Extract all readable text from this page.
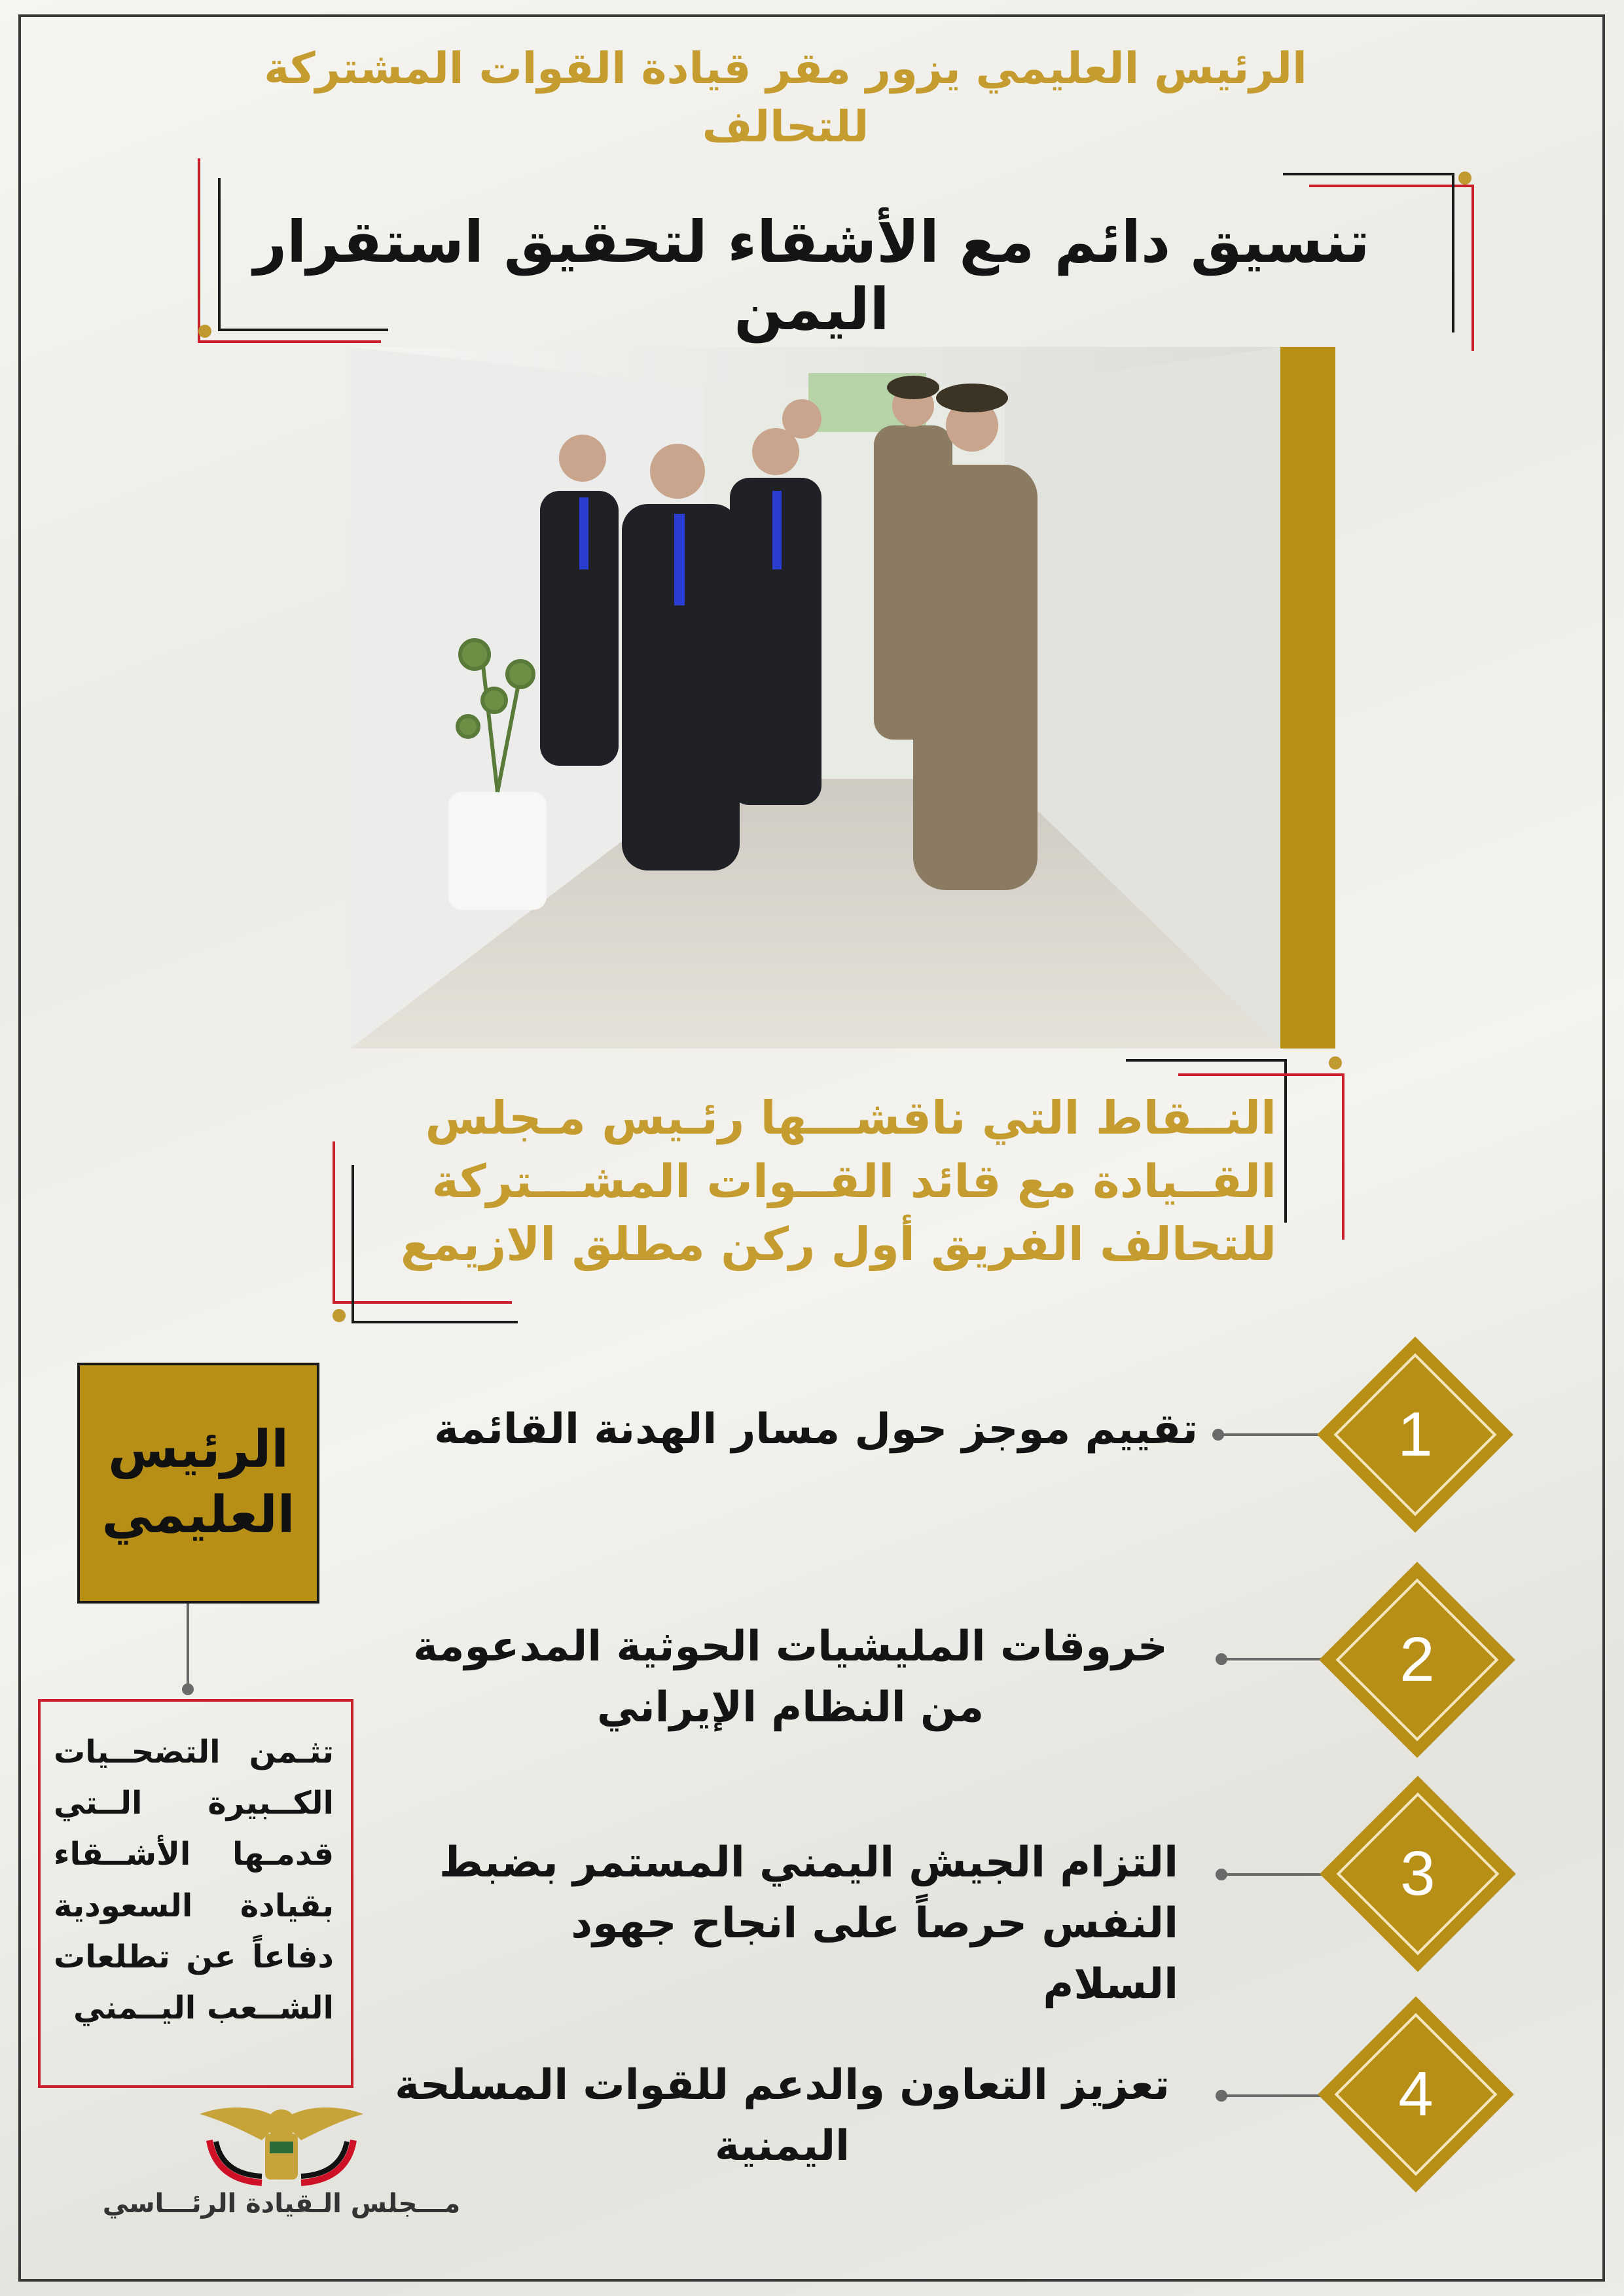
الرئيس العليمي يزور مقر قيادة القوات المشتركة للتحالف
تنسيق دائم مع الأشقاء لتحقيق استقرار اليمن
النــقاط التي ناقشـــها رئـيس مـجلس القــيادة مع قائد القــوات المشـــتركة للتحالف الفريق أول ركن مطلق الازيمع
الرئيس العليمي
تثـمن التضحــيات الكــبيرة الــتي قدمـها الأشــقاء بقيادة السعودية دفاعاً عن تطلعات الشــعب اليــمني
تقييم موجز حول مسار الهدنة القائمة	1
خروقات المليشيات الحوثية المدعومة من النظام الإيراني
2
التزام الجيش اليمني المستمر بضبط النفس حرصاً على انجاح جهود السلام
3
تعزيز التعاون والدعم للقوات المسلحة اليمنية
4
مـــجلس الـقيادة الرئـــاسي
